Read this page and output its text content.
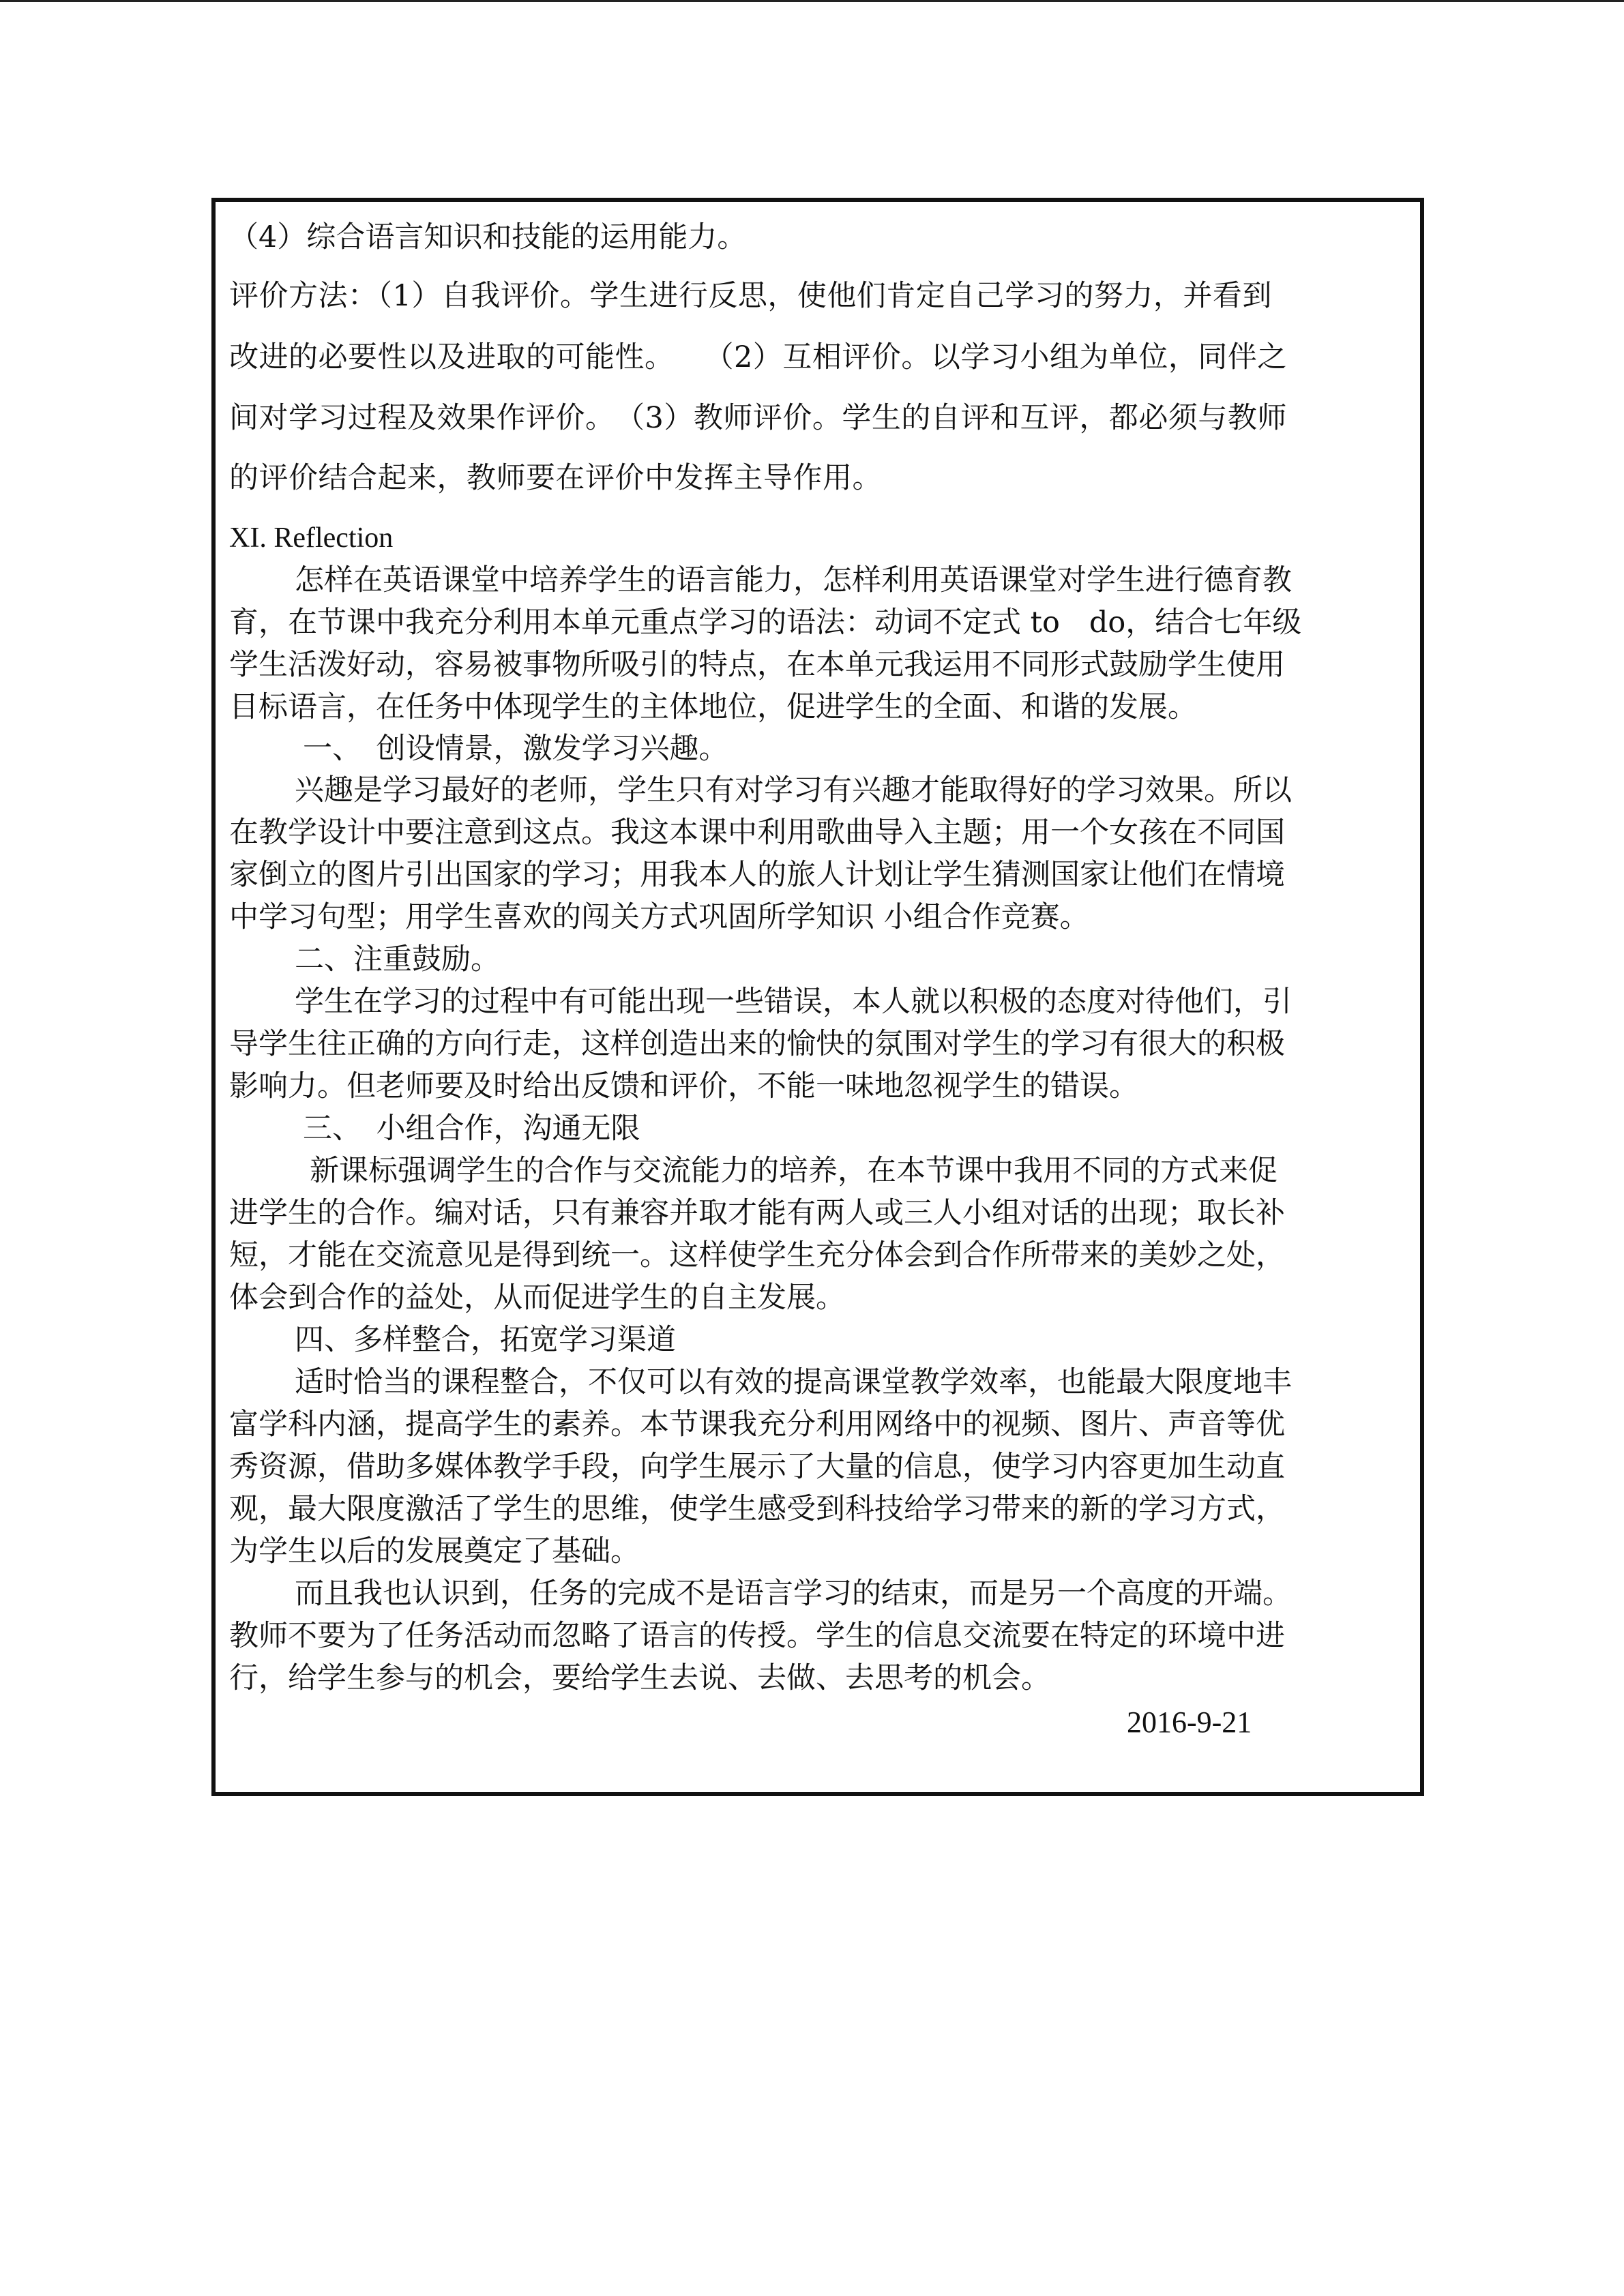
（4）综合语言知识和技能的运用能力。
评价方法：（1）自我评价。学生进行反思，使他们肯定自己学习的努力，并看到
改进的必要性以及进取的可能性。　　（2）互相评价。以学习小组为单位，同伴之
间对学习过程及效果作评价。　（3）教师评价。学生的自评和互评，都必须与教师
的评价结合起来，教师要在评价中发挥主导作用。
XI. Reflection
怎样在英语课堂中培养学生的语言能力，怎样利用英语课堂对学生进行德育教
育，在节课中我充分利用本单元重点学习的语法：动词不定式 to　do，结合七年级
学生活泼好动，容易被事物所吸引的特点，在本单元我运用不同形式鼓励学生使用
目标语言，在任务中体现学生的主体地位，促进学生的全面、和谐的发展。
一、　创设情景，激发学习兴趣。
兴趣是学习最好的老师，学生只有对学习有兴趣才能取得好的学习效果。所以
在教学设计中要注意到这点。我这本课中利用歌曲导入主题；用一个女孩在不同国
家倒立的图片引出国家的学习；用我本人的旅人计划让学生猜测国家让他们在情境
中学习句型；用学生喜欢的闯关方式巩固所学知识 小组合作竞赛。
二、注重鼓励。
学生在学习的过程中有可能出现一些错误，本人就以积极的态度对待他们，引
导学生往正确的方向行走，这样创造出来的愉快的氛围对学生的学习有很大的积极
影响力。但老师要及时给出反馈和评价，不能一味地忽视学生的错误。
三、　小组合作，沟通无限
新课标强调学生的合作与交流能力的培养，在本节课中我用不同的方式来促
进学生的合作。编对话，只有兼容并取才能有两人或三人小组对话的出现；取长补
短，才能在交流意见是得到统一。这样使学生充分体会到合作所带来的美妙之处，
体会到合作的益处，从而促进学生的自主发展。
四、多样整合，拓宽学习渠道
适时恰当的课程整合，不仅可以有效的提高课堂教学效率，也能最大限度地丰
富学科内涵，提高学生的素养。本节课我充分利用网络中的视频、图片、声音等优
秀资源，借助多媒体教学手段，向学生展示了大量的信息，使学习内容更加生动直
观，最大限度激活了学生的思维，使学生感受到科技给学习带来的新的学习方式，
为学生以后的发展奠定了基础。
而且我也认识到，任务的完成不是语言学习的结束，而是另一个高度的开端。
教师不要为了任务活动而忽略了语言的传授。学生的信息交流要在特定的环境中进
行，给学生参与的机会，要给学生去说、去做、去思考的机会。
2016-9-21
